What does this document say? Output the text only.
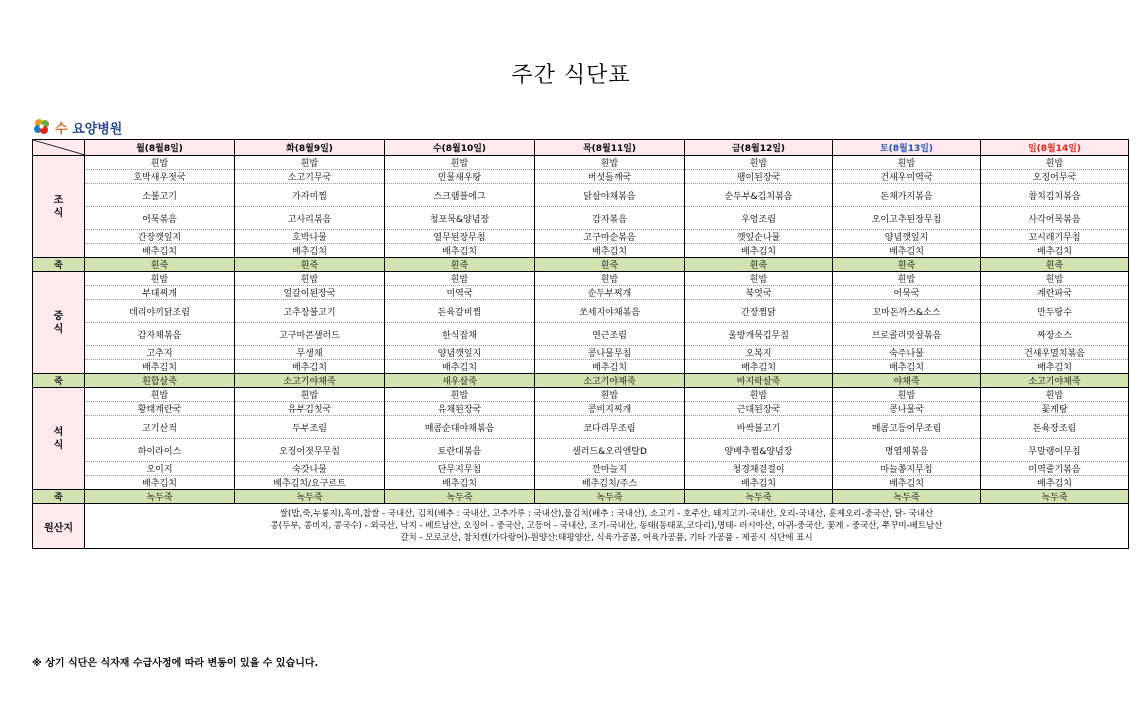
주간 식단표
수 요양병원
	월(8월8일)	화(8월9일)	수(8월10일)	목(8월11일)	금(8월12일)	토(8월13일)	일(8월14일)
조
식	흰밥	흰밥	흰밥	흰밥	흰밥	흰밥	흰밥
	호박새우젓국	소고기무국	민물새우탕	버섯들깨국	팽이된장국	건새우미역국	오징어무국
	소불고기	가자미찜	스크램블에그	닭살야채볶음	순두부&김치볶음	돈채가지볶음	참치김치볶음
	어묵볶음	고사리볶음	청포묵&양념장	감자볶음	우엉조림	오이고추된장무침	사각어묵볶음
	간장깻잎지	호박나물	열무된장무침	고구마순볶음	깻잎순나물	양념깻잎지	꼬시래기무침
	배추김치	배추김치	배추김치	배추김치	배추김치	배추김치	배추김치
죽	흰죽	흰죽	흰죽	흰죽	흰죽	흰죽	흰죽
중
식	흰밥	흰밥	흰밥	흰밥	흰밥	흰밥	흰밥
	부대찌개	얼갈이된장국	미역국	순두부찌개	북엇국	어묵국	계란파국
	데리야끼닭조림	고추장불고기	돈육갈비찜	쏘세지야채볶음	간장찜닭	꼬마돈까스&소스	만두탕수
	감자채볶음	고구마콘샐러드	한식잡채	연근조림	울방개묵김무침	브로콜리맛살볶음	짜장소스
	고추지	무생채	양념깻잎지	콩나물무침	오복지	숙주나물	건새우멸치볶음
	배추김치	배추김치	배추김치	배추김치	배추김치	배추김치	배추김치
죽	흰합살죽	소고기야채죽	새우살죽	소고기야채죽	바지락살죽	야채죽	소고기야채죽
석
식	흰밥	흰밥	흰밥	흰밥	흰밥	흰밥	흰밥
	황태계란국	유부김칫국	유채된장국	콩비지찌개	근대된장국	콩나물국	꽃게탕
	고기산적	두부조림	매콤순대야채볶음	코다리무조림	바싹불고기	매콤고등어무조림	돈육장조림
	하이라이스	오징어젓무무침	토란대볶음	샐러드&오리엔탈D	양배추찜&양념장	명엽채볶음	무말랭이무침
	오이지	숙갓나물	단무지무침	깐마늘지	청경채겉절이	마늘쫑지무침	미역줄기볶음
	배추김치	배추김치/요구르트	배추김치	배추김치/주스	배추김치	배추김치	배추김치
죽	녹두죽	녹두죽	녹두죽	녹두죽	녹두죽	녹두죽	녹두죽
원산지	쌀(밥,죽,누룽지),흑미,찹쌀 - 국내산, 김치(배추 : 국내산, 고추가루 : 국내산),물김치(배추 : 국내산), 소고기 - 호주산, 돼지고기-국내산, 오리-국내산, 훈제오리-중국산, 닭- 국내산
콩(두부, 콩비지, 콩국수) - 외국산, 낙지 - 베트남산, 오징어 - 중국산, 고등어 - 국내산, 조기-국내산, 동태(동태포,코다리),명태- 러시아산, 아귀-중국산, 꽃게 - 중국산, 쭈꾸미-베트남산
갈치 - 모로코산, 참치캔(가다랑어)-원양산:태평양산, 식육가공품, 어육가공품, 기타 가공품 - 제공시 식단에 표시						
※ 상기 식단은 식자재 수급사정에 따라 변동이 있을 수 있습니다.
